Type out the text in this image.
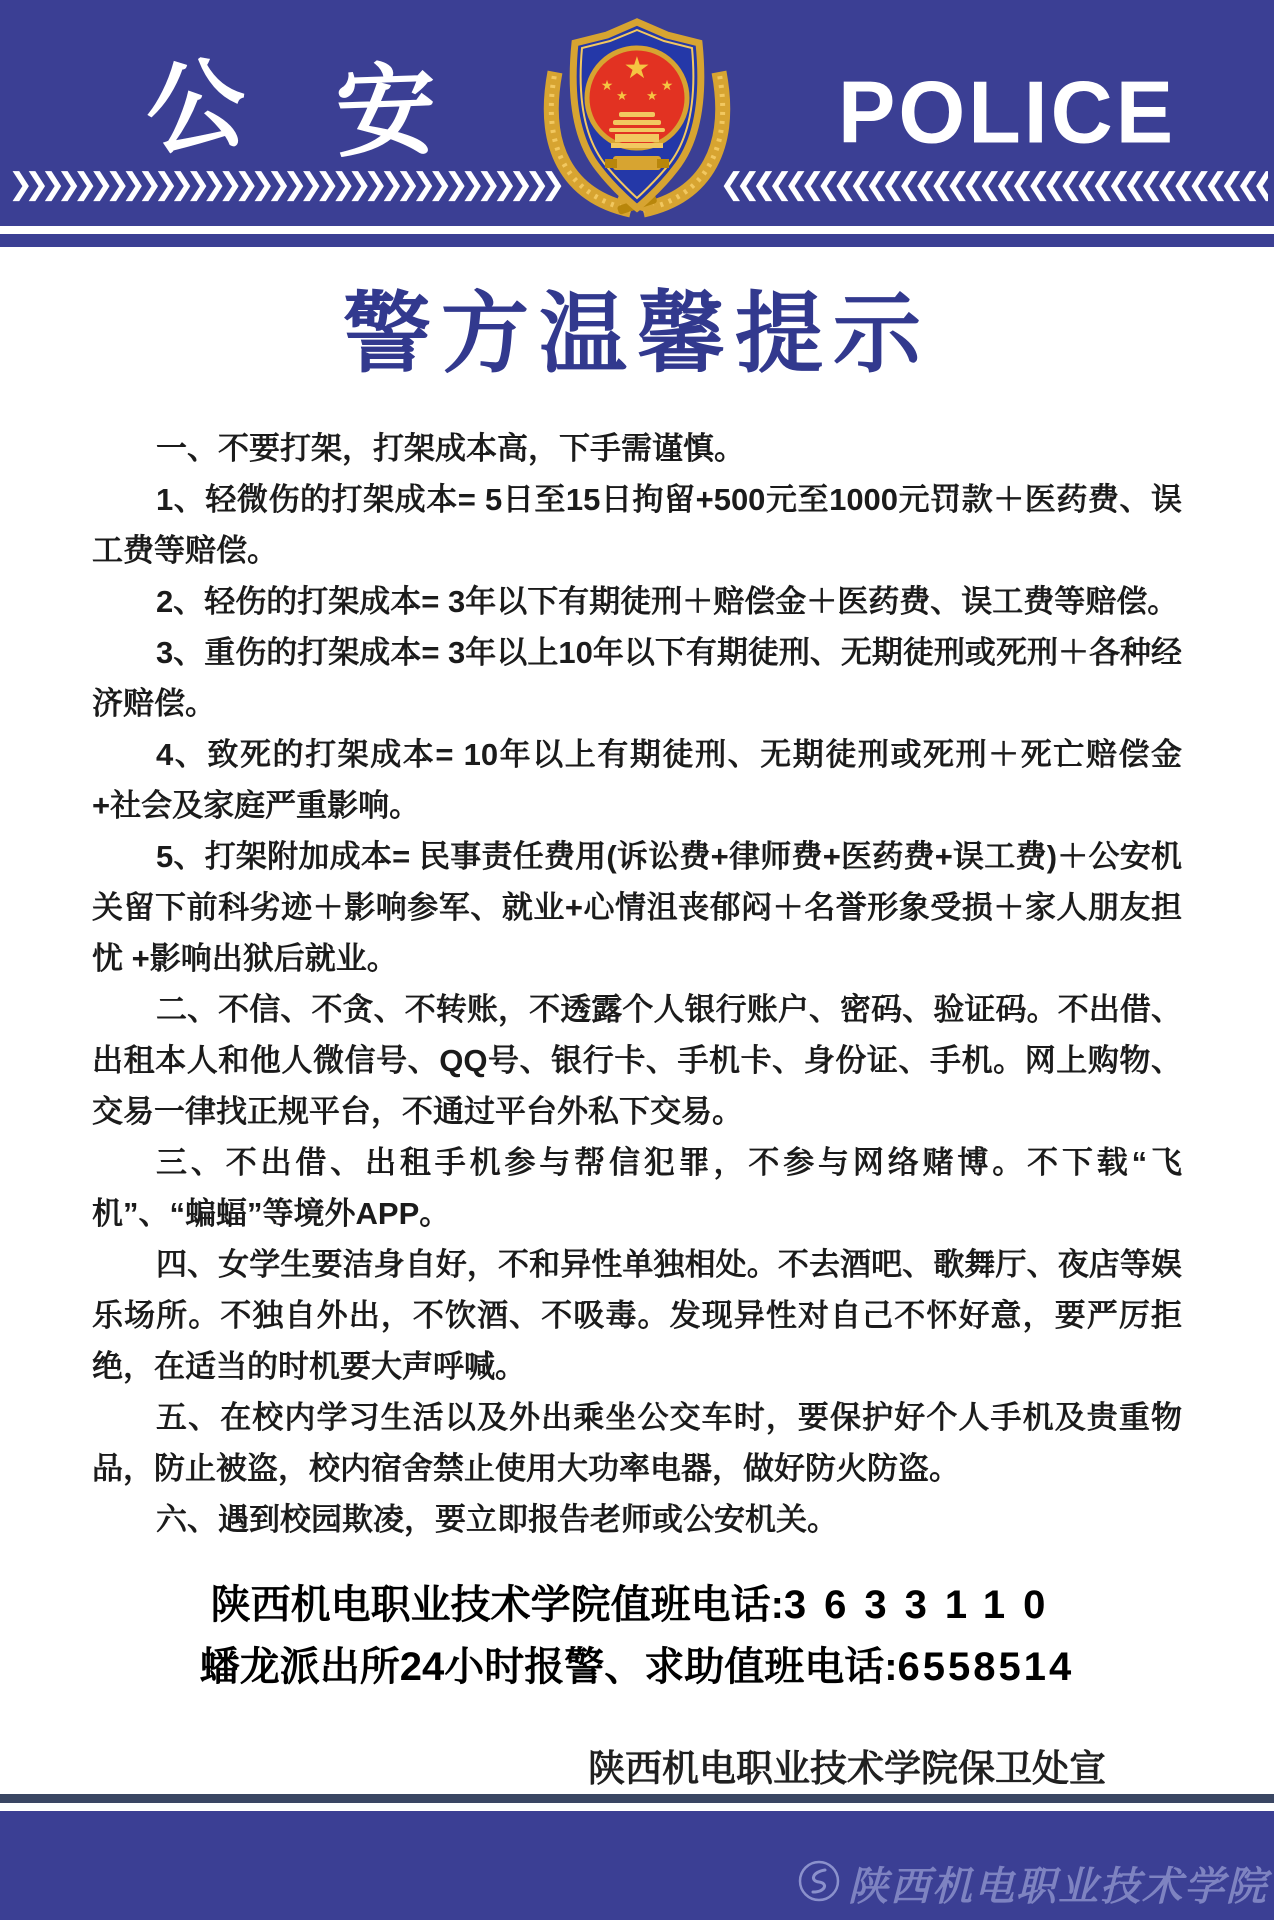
公 安	★
★
★ ★
★ POLICE
❯❯❯❯❯❯❯❯❯❯❯❯❯❯❯❯❯❯❯❯❯❯❯❯❯❯❯❯❯❯❯❯❯❯	❮❮❮❮❮❮❮❮❮❮❮❮❮❮❮❮❮❮❮❮❮❮❮❮❮❮❮❮❮❮❮❮❮❮
警方温馨提示

一、不要打架，打架成本高，下手需谨慎。

1、轻微伤的打架成本= 5日至15日拘留+500元至1000元罚款＋医药费、误工费等赔偿。

2、轻伤的打架成本= 3年以下有期徒刑＋赔偿金＋医药费、误工费等赔偿。

3、重伤的打架成本= 3年以上10年以下有期徒刑、无期徒刑或死刑＋各种经济赔偿。

4、致死的打架成本= 10年以上有期徒刑、无期徒刑或死刑＋死亡赔偿金+社会及家庭严重影响。

5、打架附加成本= 民事责任费用(诉讼费+律师费+医药费+误工费)＋公安机关留下前科劣迹＋影响参军、就业+心情沮丧郁闷＋名誉形象受损＋家人朋友担忧 +影响出狱后就业。

二、不信、不贪、不转账，不透露个人银行账户、密码、验证码。不出借、出租本人和他人微信号、QQ号、银行卡、手机卡、身份证、手机。网上购物、交易一律找正规平台，不通过平台外私下交易。

三、不出借、出租手机参与帮信犯罪，不参与网络赌博。不下载“飞机”、“蝙蝠”等境外APP。

四、女学生要洁身自好，不和异性单独相处。不去酒吧、歌舞厅、夜店等娱乐场所。不独自外出，不饮酒、不吸毒。发现异性对自己不怀好意，要严厉拒绝，在适当的时机要大声呼喊。

五、在校内学习生活以及外出乘坐公交车时，要保护好个人手机及贵重物品，防止被盗，校内宿舍禁止使用大功率电器，做好防火防盗。

六、遇到校园欺凌，要立即报告老师或公安机关。

陕西机电职业技术学院值班电话:3633110
蟠龙派出所24小时报警、求助值班电话:6558514
陕西机电职业技术学院保卫处宣
陕西机电职业技术学院
